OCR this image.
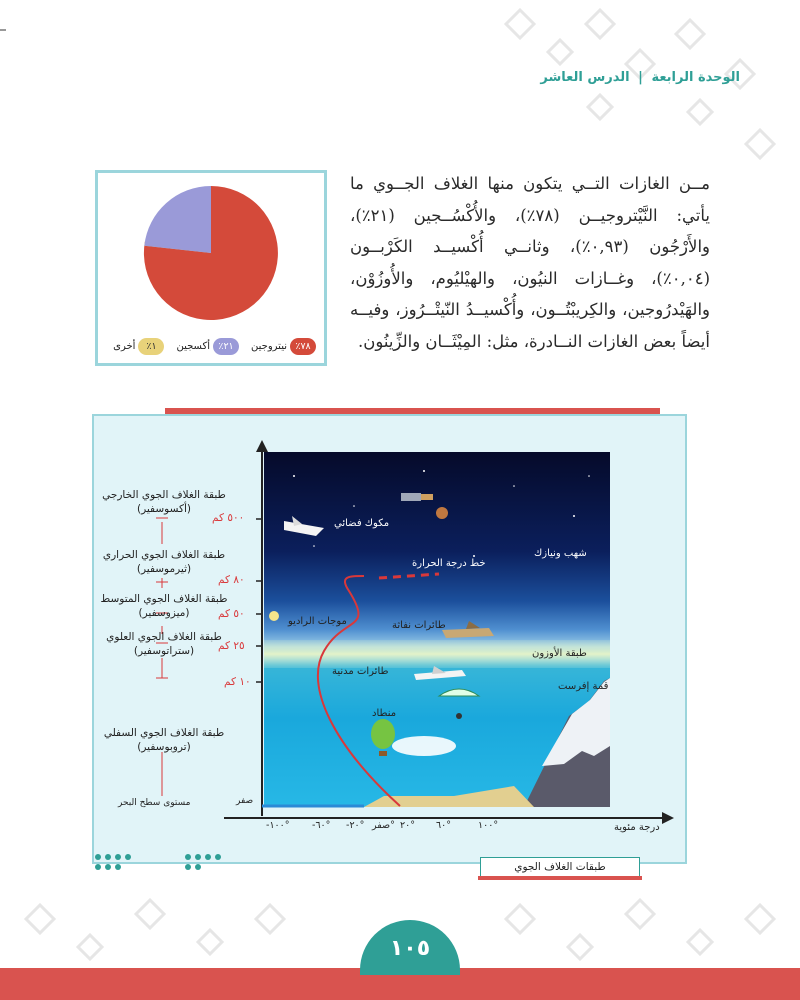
الوحدة الرابعة | الدرس العاشر

مــن الغازات التــي يتكون منها الغلاف الجــوي ما يأتي: النَّيْتروجيــن (٧٨٪)، والأُكْسُــجين (٢١٪)، والأَرْجُون (٠,٩٣٪)، وثانــي أُكْسيــد الكَرْبــون (٠,٠٤٪)، وغــازات النيُون، والهيْليُوم، والأُوزُوْن، والهَيْدرُوجين، والكِريبْتُــون، وأُكْسيــدُ النّيتْــرُوز، وفيــه أيضاً بعض الغازات النــادرة، مثل: المِيْثَــان والزِّينُون.

٧٨٪
نيتروجين
٢١٪
أكسجين
١٪
أخرى
طبقة الغلاف الجوي الخارجي
(أكسوسفير)
طبقة الغلاف الجوي الحراري
(ثيرموسفير)
طبقة الغلاف الجوي المتوسط
(ميزوسفير)
طبقة الغلاف الجوي العلوي
(ستراتوسفير)
طبقة الغلاف الجوي السفلي
(تروبوسفير)
٥٠٠ كم
٨٠ كم
٥٠ كم
٢٥ كم
١٠ كم
صفر
مستوى سطح البحر
مكوك فضائي
شهب ونيازك
خط درجة الحرارة
موجات الراديو	طائرات نفاثة
طبقة الأوزون
طائرات مدنية
قمة إفرست
منطاد
-١٠٠° -٦٠° -٢٠° صفر° ٢٠° ٦٠°	١٠٠°	درجة مئوية
طبقات الغلاف الجوي
١٠٥
